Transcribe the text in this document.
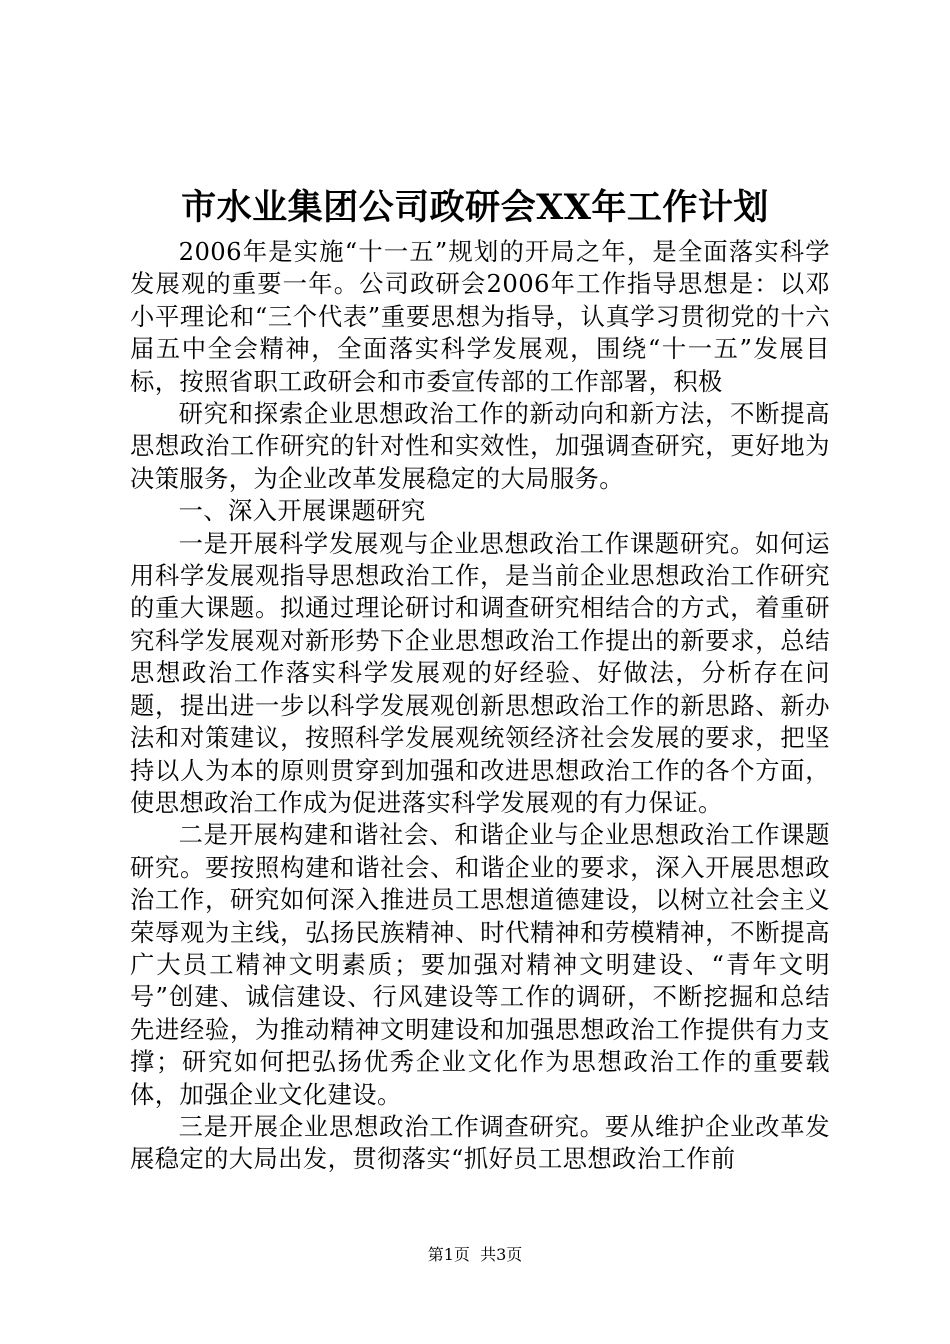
市水业集团公司政研会XX年工作计划

2006年是实施“十一五”规划的开局之年，是全面落实科学发展观的重要一年。公司政研会2006年工作指导思想是：以邓小平理论和“三个代表”重要思想为指导，认真学习贯彻党的十六届五中全会精神，全面落实科学发展观，围绕“十一五”发展目标，按照省职工政研会和市委宣传部的工作部署，积极

研究和探索企业思想政治工作的新动向和新方法，不断提高思想政治工作研究的针对性和实效性，加强调查研究，更好地为决策服务，为企业改革发展稳定的大局服务。

一、深入开展课题研究

一是开展科学发展观与企业思想政治工作课题研究。如何运用科学发展观指导思想政治工作，是当前企业思想政治工作研究的重大课题。拟通过理论研讨和调查研究相结合的方式，着重研究科学发展观对新形势下企业思想政治工作提出的新要求，总结思想政治工作落实科学发展观的好经验、好做法，分析存在问题，提出进一步以科学发展观创新思想政治工作的新思路、新办法和对策建议，按照科学发展观统领经济社会发展的要求，把坚持以人为本的原则贯穿到加强和改进思想政治工作的各个方面，使思想政治工作成为促进落实科学发展观的有力保证。

二是开展构建和谐社会、和谐企业与企业思想政治工作课题研究。要按照构建和谐社会、和谐企业的要求，深入开展思想政治工作，研究如何深入推进员工思想道德建设，以树立社会主义荣辱观为主线，弘扬民族精神、时代精神和劳模精神，不断提高广大员工精神文明素质；要加强对精神文明建设、“青年文明号”创建、诚信建设、行风建设等工作的调研，不断挖掘和总结先进经验，为推动精神文明建设和加强思想政治工作提供有力支撑；研究如何把弘扬优秀企业文化作为思想政治工作的重要载体，加强企业文化建设。

三是开展企业思想政治工作调查研究。要从维护企业改革发展稳定的大局出发，贯彻落实“抓好员工思想政治工作前

第1页 共3页
